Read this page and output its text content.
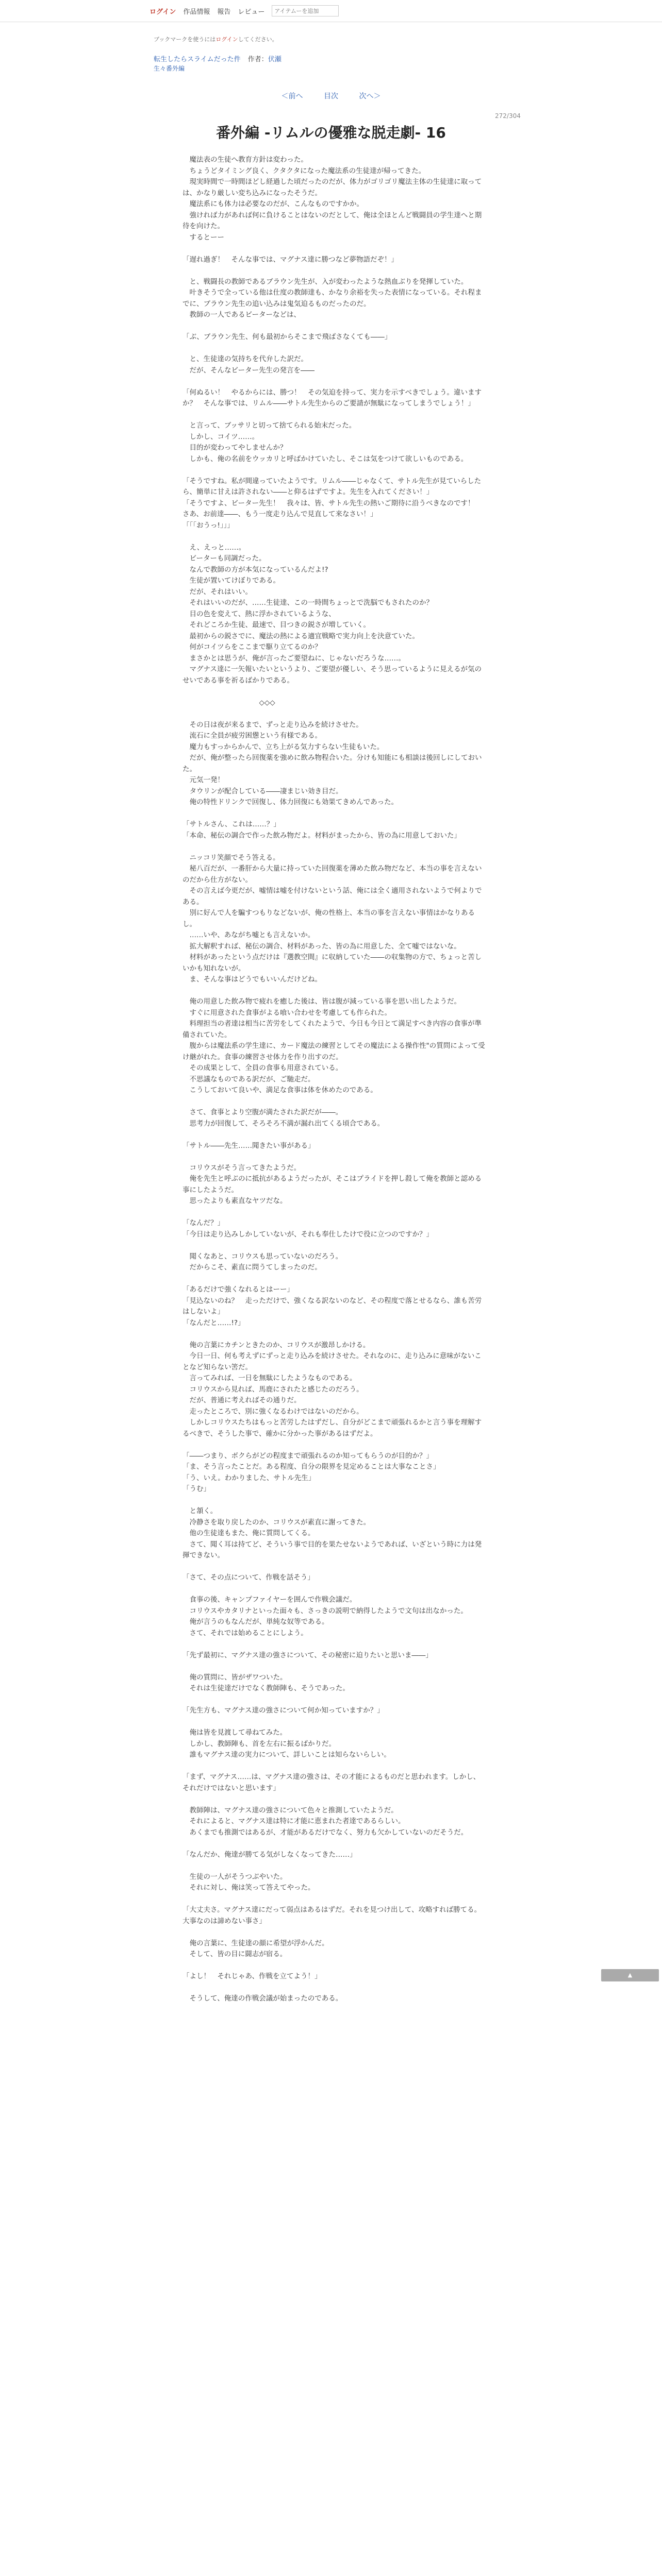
ログイン 作品情報 報告 レビュー
アイテムーを追加
ブックマークを使うにはログインしてください。
転生したらスライムだった件 作者：伏瀬
生々番外編
＜前へ	目次	次へ＞
272/304
番外編 -リムルの優雅な脱走劇- 16

　魔法表の生徒へ教育方針は変わった。

　ちょうどタイミング良く、クタクタになった魔法系の生徒達が帰ってきた。

　現実時間で一時間ほどし経過した頃だったのだが、体力がゴリゴリ魔法主体の生徒達に取っては、かなり厳しい変ち込みになったそうだ。

　魔法系にも体力は必要なのだが、こんなものですかか。

　強ければ力があれば何に負けることはないのだとして、俺は全ほとんど戦闘員の学生達へと期待を向けた。

　するとーー

「遅れ過ぎ！　そんな事では、マグナス達に勝つなど夢物語だぞ！」

　と、戦闘長の教師であるブラウン先生が、入が変わったような熱血ぶりを発揮していた。

　叶きそうで全っている他は仕度の教師達も、かなり余裕を失った表情になっている。それ程までに、ブラウン先生の追い込みは鬼気迫るものだったのだ。

　教師の一人であるビーターなどは、

「ぶ、ブラウン先生、何も最初からそこまで飛ばさなくても――」

　と、生徒達の気持ちを代弁した訳だ。

　だが、そんなビーター先生の発言を――

「何ぬるい！　やるからには、勝つ！　その気迫を持って、実力を示すべきでしょう。違いますか？　そんな事では、リムル――サトル先生からのご要請が無駄になってしまうでしょう！」

　と言って、ブッサリと切って捨てられる始末だった。

　しかし、コイツ……。

　目的が変わってやしませんか？

　しかも、俺の名前をウッカリと呼ばかけていたし、そこは気をつけて欲しいものである。

「そうですね。私が間違っていたようです。リムル――じゃなくて、サトル先生が見ていらしたら、簡単に甘えは許されない――と仰るはずですよ。先生を入れてください！」

「そうですよ、ビーター先生！　我々は、皆、サトル先生の熱いご期待に沿うべきなのです！　さあ、お前達――、もう一度走り込んで見直して来なさい！」

「「「おうっ!」」」

　え、えっと……。

　ビーターも同調だった。

　なんで教師の方が本気になっているんだよ!?

　生徒が置いてけぼりである。

　だが、それはいい。

　それはいいのだが、……生徒達、この一時間ちょっとで洗脳でもされたのか？

　目の色を変えて、熱に浮かされているような、

　それどころか生徒、最速で、目つきの鋭さが増していく。

　最初からの鋭さでに、魔法の熱による適宜戦略で実力向上を決意ていた。

　何がコイツらをここまで駆り立てるのか？

　まさかとは思うが、俺が言ったご要望ねに、じゃないだろうな……。

　マグナス達に一矢報いたいというより、ご要望が優しい、そう思っているように見えるが気のせいである事を祈るばかりである。

　　　　　　　　　　　◇◇◇

　その日は夜が来るまで、ずっと走り込みを続けさせた。

　流石に全員が疲労困憊という有様である。

　魔力もすっからかんで、立ち上がる気力すらない生徒もいた。

　だが、俺が整ったら回復薬を強めに飲み物程合いた。分けも知能にも相談は後回しにしておいた。

　元気一発！

　タウリンが配合している――凄まじい効き目だ。

　俺の特性ドリンクで回復し、体力回復にも効果てきめんであった。

「サトルさん、これは……？」

「本命、秘伝の調合で作った飲み物だよ。材料がまったから、皆の為に用意しておいた」

　ニッコリ笑顔でそう答える。

　秘八百だが、一番肝から大量に持っていた回復薬を薄めた飲み物だなど、本当の事を言えないのだから仕方がない。

　その言えば今更だが、嘘情は嘘を付けないという話、俺には全く適用されないようで何よりである。

　別に好んで人を騙すつもりなどないが、俺の性格上、本当の事を言えない事情はかなりあるし。

　……いや、あながち嘘とも言えないか。

　拡大解釈すれば、秘伝の調合、材料があった、皆の為に用意した、全て嘘ではないな。

　材料があったという点だけは『選教空間』に収納していた――の収集物の方で、ちょっと苦しいかも知れないが。

　ま、そんな事はどうでもいいんだけどね。

　俺の用意した飲み物で疲れを癒した後は、皆は腹が減っている事を思い出したようだ。

　すぐに用意された食事がよる喰い合わせを考慮しても作られた。

　料理担当の者達は相当に苦労をしてくれたようで、今日も今日とて満足すべき内容の食事が準備されていた。

　腹からは魔法系の学生達に、カード魔法の練習としてその魔法による操作性"の質問によって受け継がれた。食事の練習させ体力を作り出すのだ。

　その成果として、全員の食事も用意されている。

　不思議なものである訳だが、ご馳走だ。

　こうしておいて良いや、満足な食事は体を休めたのである。

　さて、食事とより空腹が満たされた訳だが――。

　思考力が回復して、そろそろ不満が漏れ出てくる頃合である。

「サトル――先生……聞きたい事がある」

　コリウスがそう言ってきたようだ。

　俺を先生と呼ぶのに抵抗があるようだったが、そこはプライドを押し殺して俺を教師と認める事にしたようだ。

　思ったよりも素直なヤツだな。

「なんだ？」

「今日は走り込みしかしていないが、それも奉仕したけで役に立つのですか？」

　聞くなあと、コリウスも思っていないのだろう。

　だからこそ、素直に問うてしまったのだ。

「あるだけで強くなれるとはーー」

「見込ないのね？　走っただけで、強くなる訳ないのなど、その程度で落とせるなら、誰も苦労はしないよ」

「なんだと……!?」

　俺の言葉にカチンときたのか、コリウスが激昂しかける。

　今日一日、何も考えずにずっと走り込みを続けさせた。それなのに、走り込みに意味がないことなど知らない筈だ。

　言ってみれば、一日を無駄にしたようなものである。

　コリウスから見れば、馬鹿にされたと感じたのだろう。

　だが、普通に考えればその通りだ。

　走ったところで、別に強くなるわけではないのだから。

　しかしコリウスたちはもっと苦労したはずだし、自分がどこまで頑張れるかと言う事を理解するべきで、そうした事で、確かに分かった事があるはずだよ。

「――つまり、ボクらがどの程度まで頑張れるのか知ってもらうのが目的か？」

「ま、そう言ったことだ。ある程度、自分の限界を見定めることは大事なことさ」

「う、いえ。わかりました、サトル先生」

「うむ」

　と頷く。

　冷静さを取り戻したのか、コリウスが素直に謝ってきた。

　他の生徒達もまた、俺に質問してくる。

　さて、聞く耳は持てど、そういう事で目的を果たせないようであれば、いざという時に力は発揮できない。

「さて、その点について、作戦を話そう」

　食事の後、キャンプファイヤーを囲んで作戦会議だ。

　コリウスやカタリナといった面々も、さっきの説明で納得したようで文句は出なかった。

　俺が言うのもなんだが、単純な奴等である。

　さて、それでは始めることにしよう。

「先ず最初に、マグナス達の強さについて、その秘密に迫りたいと思いま――」

　俺の質問に、皆がザワついた。

　それは生徒達だけでなく教師陣も、そうであった。

「先生方も、マグナス達の強さについて何か知っていますか？」

　俺は皆を見渡して尋ねてみた。

　しかし、教師陣も、首を左右に振るばかりだ。

　誰もマグナス達の実力について、詳しいことは知らないらしい。

「まず、マグナス……は、マグナス達の強さは、その才能によるものだと思われます。しかし、それだけではないと思います」

　教師陣は、マグナス達の強さについて色々と推測していたようだ。

　それによると、マグナス達は特に才能に恵まれた者達であるらしい。

　あくまでも推測ではあるが、才能があるだけでなく、努力も欠かしていないのだそうだ。

「なんだか、俺達が勝てる気がしなくなってきた……」

　生徒の一人がそうつぶやいた。

　それに対し、俺は笑って答えてやった。

「大丈夫さ。マグナス達にだって弱点はあるはずだ。それを見つけ出して、攻略すれば勝てる。大事なのは諦めない事さ」

　俺の言葉に、生徒達の顔に希望が浮かんだ。

　そして、皆の目に闘志が宿る。

「よし！　それじゃあ、作戦を立てよう！」

　そうして、俺達の作戦会議が始まったのである。

▲
